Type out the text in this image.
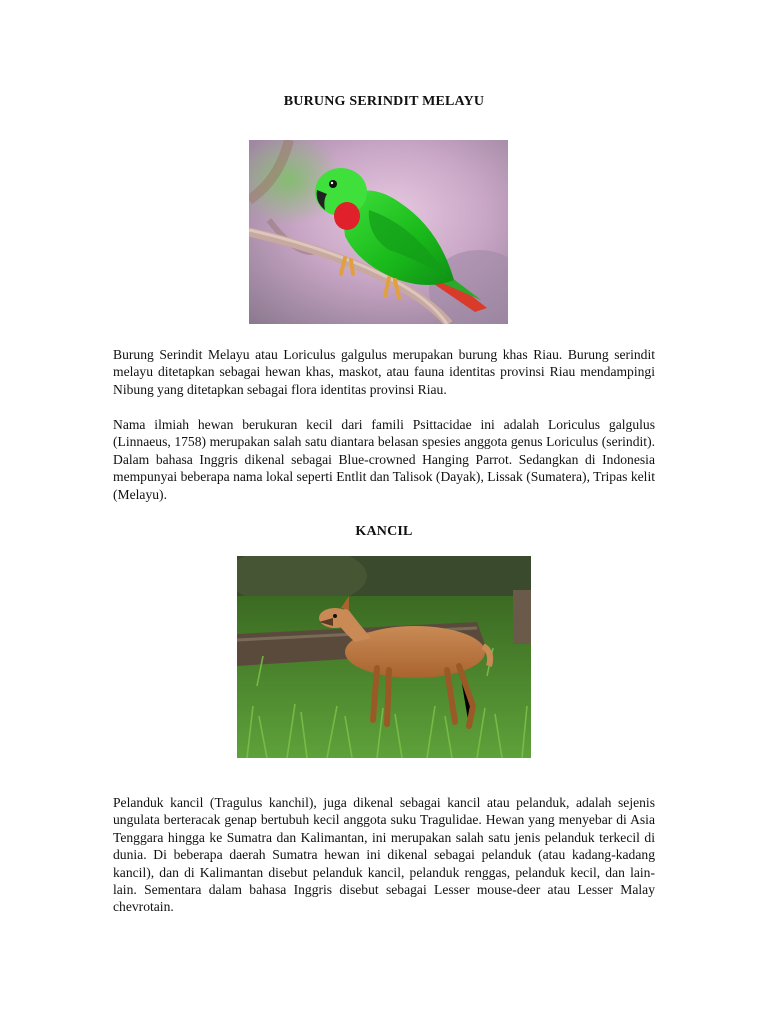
BURUNG SERINDIT MELAYU

Burung Serindit Melayu atau Loriculus galgulus merupakan burung khas Riau. Burung serindit melayu ditetapkan sebagai hewan khas, maskot, atau fauna identitas provinsi Riau mendampingi Nibung yang ditetapkan sebagai flora identitas provinsi Riau.

Nama ilmiah hewan berukuran kecil dari famili Psittacidae ini adalah Loriculus galgulus (Linnaeus, 1758) merupakan salah satu diantara belasan spesies anggota genus Loriculus (serindit). Dalam bahasa Inggris dikenal sebagai Blue-crowned Hanging Parrot. Sedangkan di Indonesia mempunyai beberapa nama lokal seperti Entlit dan Talisok (Dayak), Lissak (Sumatera), Tripas kelit (Melayu).

KANCIL

Pelanduk kancil (Tragulus kanchil), juga dikenal sebagai kancil atau pelanduk, adalah sejenis ungulata berteracak genap bertubuh kecil anggota suku Tragulidae. Hewan yang menyebar di Asia Tenggara hingga ke Sumatra dan Kalimantan, ini merupakan salah satu jenis pelanduk terkecil di dunia. Di beberapa daerah Sumatra hewan ini dikenal sebagai pelanduk (atau kadang-kadang kancil), dan di Kalimantan disebut pelanduk kancil, pelanduk renggas, pelanduk kecil, dan lain-lain. Sementara dalam bahasa Inggris disebut sebagai Lesser mouse-deer atau Lesser Malay chevrotain.
